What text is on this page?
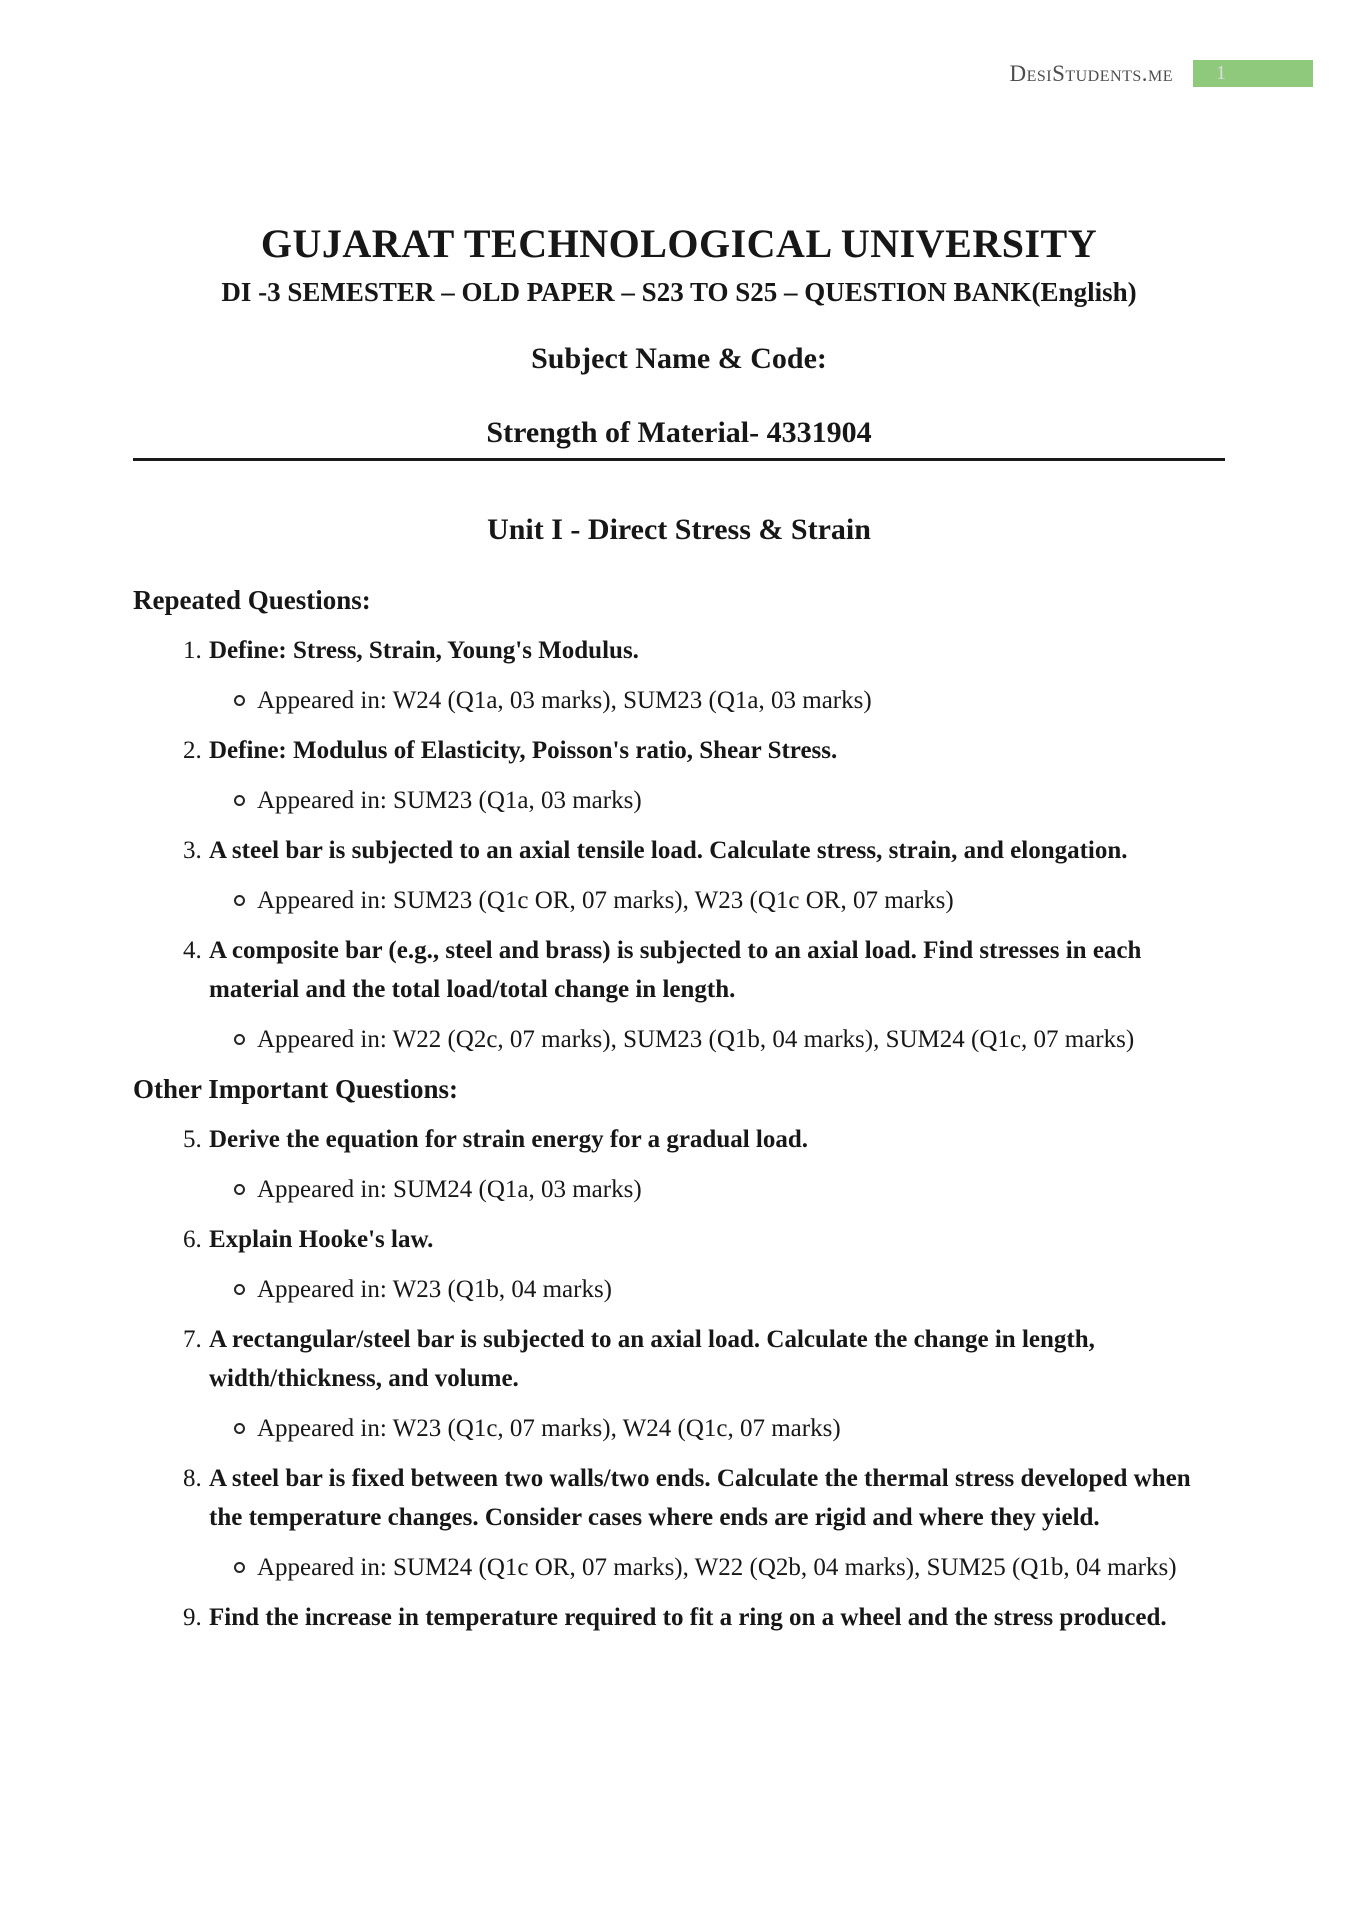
DesiStudents.me	1
GUJARAT TECHNOLOGICAL UNIVERSITY
DI -3 SEMESTER – OLD PAPER – S23 TO S25 – QUESTION BANK(English)
Subject Name & Code:
Strength of Material- 4331904
Unit I - Direct Stress & Strain
Repeated Questions:
1. Define: Stress, Strain, Young's Modulus.
Appeared in: W24 (Q1a, 03 marks), SUM23 (Q1a, 03 marks)
2. Define: Modulus of Elasticity, Poisson's ratio, Shear Stress.
Appeared in: SUM23 (Q1a, 03 marks)
3. A steel bar is subjected to an axial tensile load. Calculate stress, strain, and elongation.
Appeared in: SUM23 (Q1c OR, 07 marks), W23 (Q1c OR, 07 marks)
4. A composite bar (e.g., steel and brass) is subjected to an axial load. Find stresses in each material and the total load/total change in length.
Appeared in: W22 (Q2c, 07 marks), SUM23 (Q1b, 04 marks), SUM24 (Q1c, 07 marks)
Other Important Questions:
5. Derive the equation for strain energy for a gradual load.
Appeared in: SUM24 (Q1a, 03 marks)
6. Explain Hooke's law.
Appeared in: W23 (Q1b, 04 marks)
7. A rectangular/steel bar is subjected to an axial load. Calculate the change in length, width/thickness, and volume.
Appeared in: W23 (Q1c, 07 marks), W24 (Q1c, 07 marks)
8. A steel bar is fixed between two walls/two ends. Calculate the thermal stress developed when the temperature changes. Consider cases where ends are rigid and where they yield.
Appeared in: SUM24 (Q1c OR, 07 marks), W22 (Q2b, 04 marks), SUM25 (Q1b, 04 marks)
9. Find the increase in temperature required to fit a ring on a wheel and the stress produced.
